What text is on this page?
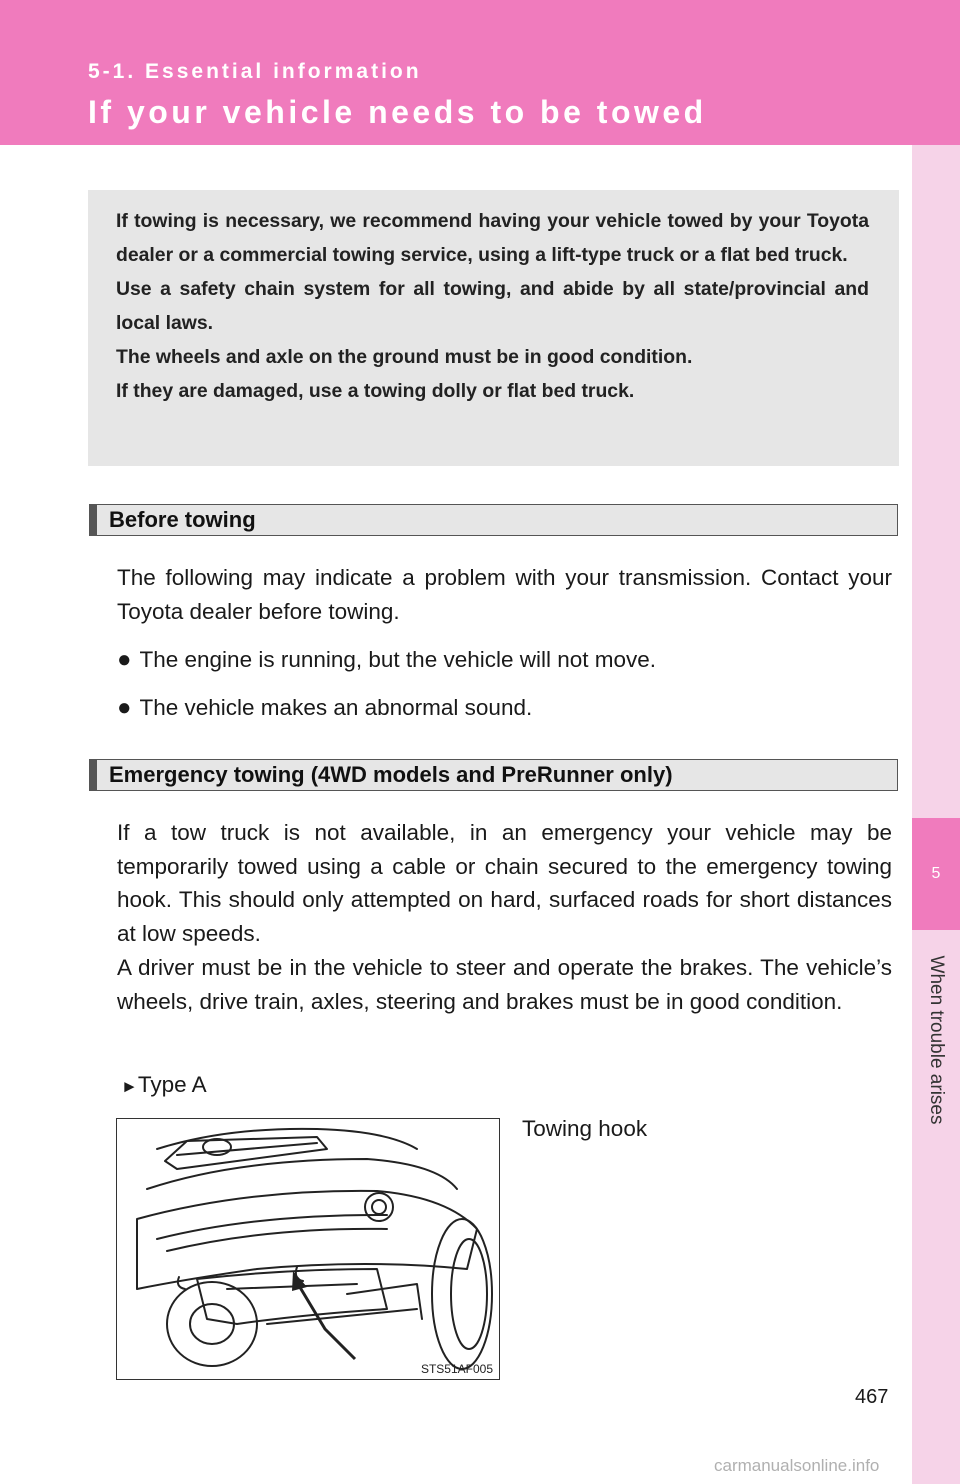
5-1. Essential information
If your vehicle needs to be towed
5
When trouble arises

If towing is necessary, we recommend having your vehicle towed by your Toyota dealer or a commercial towing service, using a lift-type truck or a flat bed truck.

Use a safety chain system for all towing, and abide by all state/provincial and local laws.

The wheels and axle on the ground must be in good condition.

If they are damaged, use a towing dolly or flat bed truck.

Before towing

The following may indicate a problem with your transmission. Contact your Toyota dealer before towing.

● The engine is running, but the vehicle will not move.
● The vehicle makes an abnormal sound.
Emergency towing (4WD models and PreRunner only)

If a tow truck is not available, in an emergency your vehicle may be temporarily towed using a cable or chain secured to the emergency towing hook. This should only attempted on hard, surfaced roads for short distances at low speeds.

A driver must be in the vehicle to steer and operate the brakes. The vehicle’s wheels, drive train, axles, steering and brakes must be in good condition.

►Type A
STS51AF005
Towing hook
467
carmanualsonline.info
